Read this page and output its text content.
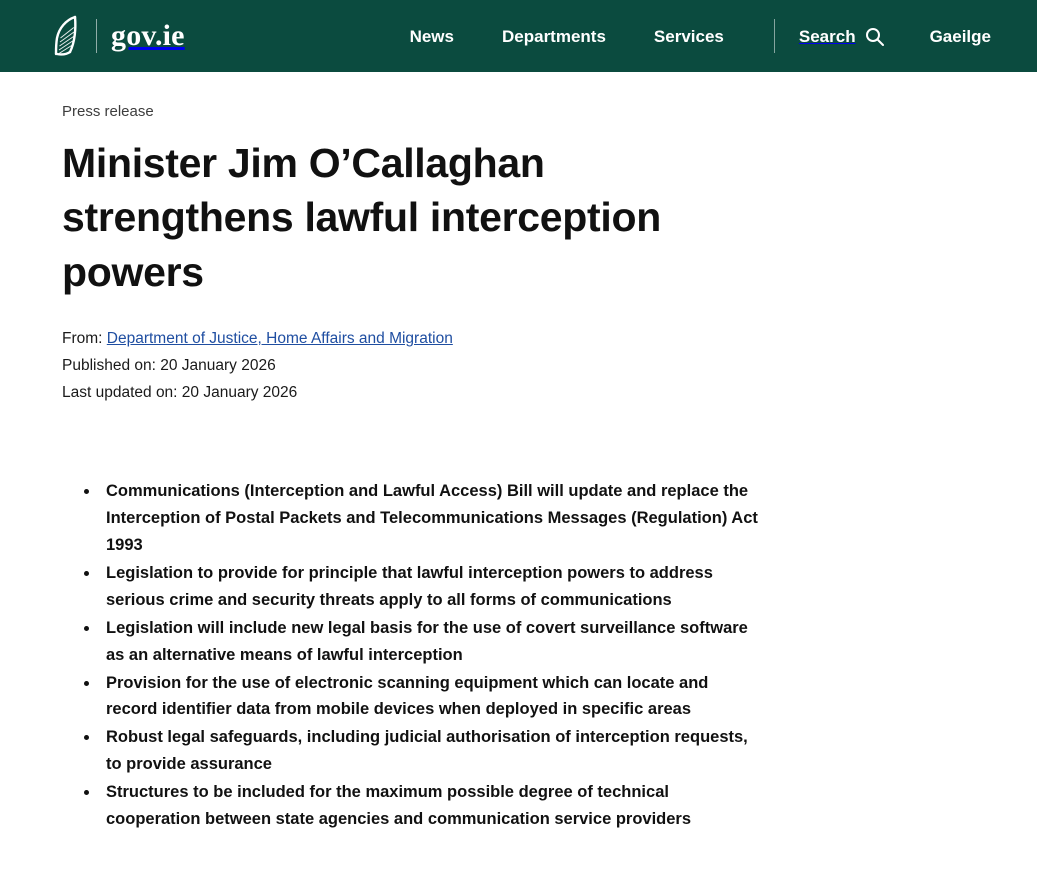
gov.ie	News	Departments	Services	Search	Gaeilge

Press release

Minister Jim O’Callaghan strengthens lawful interception powers
From: Department of Justice, Home Affairs and Migration
Published on: 20 January 2026
Last updated on: 20 January 2026
Communications (Interception and Lawful Access) Bill will update and replace the Interception of Postal Packets and Telecommunications Messages (Regulation) Act 1993
Legislation to provide for principle that lawful interception powers to address serious crime and security threats apply to all forms of communications
Legislation will include new legal basis for the use of covert surveillance software as an alternative means of lawful interception
Provision for the use of electronic scanning equipment which can locate and record identifier data from mobile devices when deployed in specific areas
Robust legal safeguards, including judicial authorisation of interception requests, to provide assurance
Structures to be included for the maximum possible degree of technical cooperation between state agencies and communication service providers
